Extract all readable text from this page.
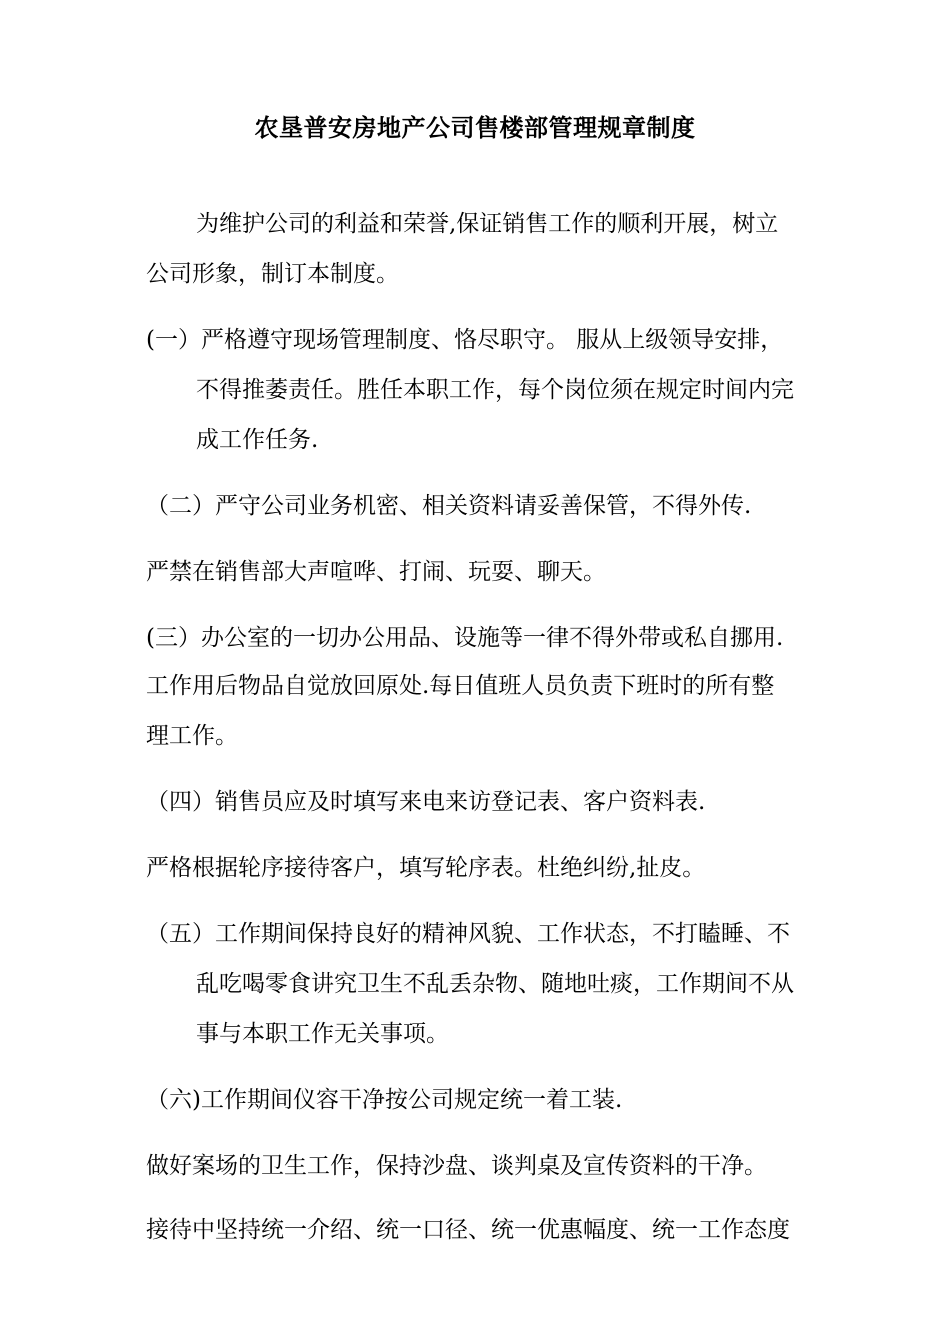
农垦普安房地产公司售楼部管理规章制度
为维护公司的利益和荣誉,保证销售工作的顺利开展，树立
公司形象，制订本制度。
(一）严格遵守现场管理制度、恪尽职守。 服从上级领导安排，
不得推萎责任。胜任本职工作，每个岗位须在规定时间内完
成工作任务.
（二）严守公司业务机密、相关资料请妥善保管，不得外传.
严禁在销售部大声喧哗、打闹、玩耍、聊天。
(三）办公室的一切办公用品、设施等一律不得外带或私自挪用.
工作用后物品自觉放回原处.每日值班人员负责下班时的所有整
理工作。
（四）销售员应及时填写来电来访登记表、客户资料表.
严格根据轮序接待客户，填写轮序表。杜绝纠纷,扯皮。
（五）工作期间保持良好的精神风貌、工作状态，不打瞌睡、不
乱吃喝零食讲究卫生不乱丢杂物、随地吐痰，工作期间不从
事与本职工作无关事项。
（六)工作期间仪容干净按公司规定统一着工装.
做好案场的卫生工作，保持沙盘、谈判桌及宣传资料的干净。
接待中坚持统一介绍、统一口径、统一优惠幅度、统一工作态度
